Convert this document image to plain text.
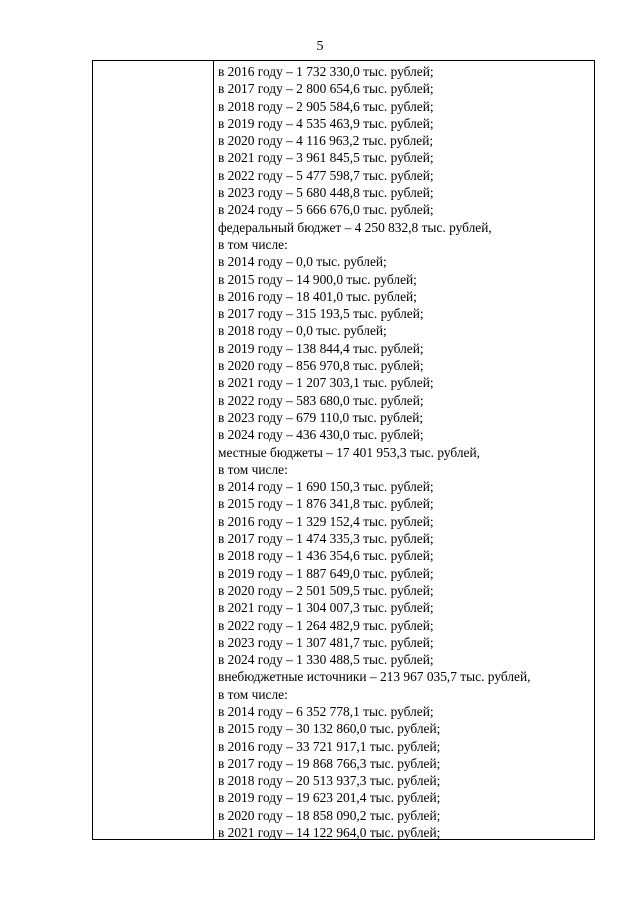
5
в 2016 году – 1 732 330,0 тыс. рублей;
в 2017 году – 2 800 654,6 тыс. рублей;
в 2018 году – 2 905 584,6 тыс. рублей;
в 2019 году – 4 535 463,9 тыс. рублей;
в 2020 году – 4 116 963,2 тыс. рублей;
в 2021 году – 3 961 845,5 тыс. рублей;
в 2022 году – 5 477 598,7 тыс. рублей;
в 2023 году – 5 680 448,8 тыс. рублей;
в 2024 году – 5 666 676,0 тыс. рублей;
федеральный бюджет – 4 250 832,8 тыс. рублей,
в том числе:
в 2014 году – 0,0 тыс. рублей;
в 2015 году – 14 900,0 тыс. рублей;
в 2016 году – 18 401,0 тыс. рублей;
в 2017 году – 315 193,5 тыс. рублей;
в 2018 году – 0,0 тыс. рублей;
в 2019 году – 138 844,4 тыс. рублей;
в 2020 году – 856 970,8 тыс. рублей;
в 2021 году – 1 207 303,1 тыс. рублей;
в 2022 году – 583 680,0 тыс. рублей;
в 2023 году – 679 110,0 тыс. рублей;
в 2024 году – 436 430,0 тыс. рублей;
местные бюджеты – 17 401 953,3 тыс. рублей,
в том числе:
в 2014 году – 1 690 150,3 тыс. рублей;
в 2015 году – 1 876 341,8 тыс. рублей;
в 2016 году – 1 329 152,4 тыс. рублей;
в 2017 году – 1 474 335,3 тыс. рублей;
в 2018 году – 1 436 354,6 тыс. рублей;
в 2019 году – 1 887 649,0 тыс. рублей;
в 2020 году – 2 501 509,5 тыс. рублей;
в 2021 году – 1 304 007,3 тыс. рублей;
в 2022 году – 1 264 482,9 тыс. рублей;
в 2023 году – 1 307 481,7 тыс. рублей;
в 2024 году – 1 330 488,5 тыс. рублей;
внебюджетные источники – 213 967 035,7 тыс. рублей,
в том числе:
в 2014 году – 6 352 778,1 тыс. рублей;
в 2015 году – 30 132 860,0 тыс. рублей;
в 2016 году – 33 721 917,1 тыс. рублей;
в 2017 году – 19 868 766,3 тыс. рублей;
в 2018 году – 20 513 937,3 тыс. рублей;
в 2019 году – 19 623 201,4 тыс. рублей;
в 2020 году – 18 858 090,2 тыс. рублей;
в 2021 году – 14 122 964,0 тыс. рублей;
